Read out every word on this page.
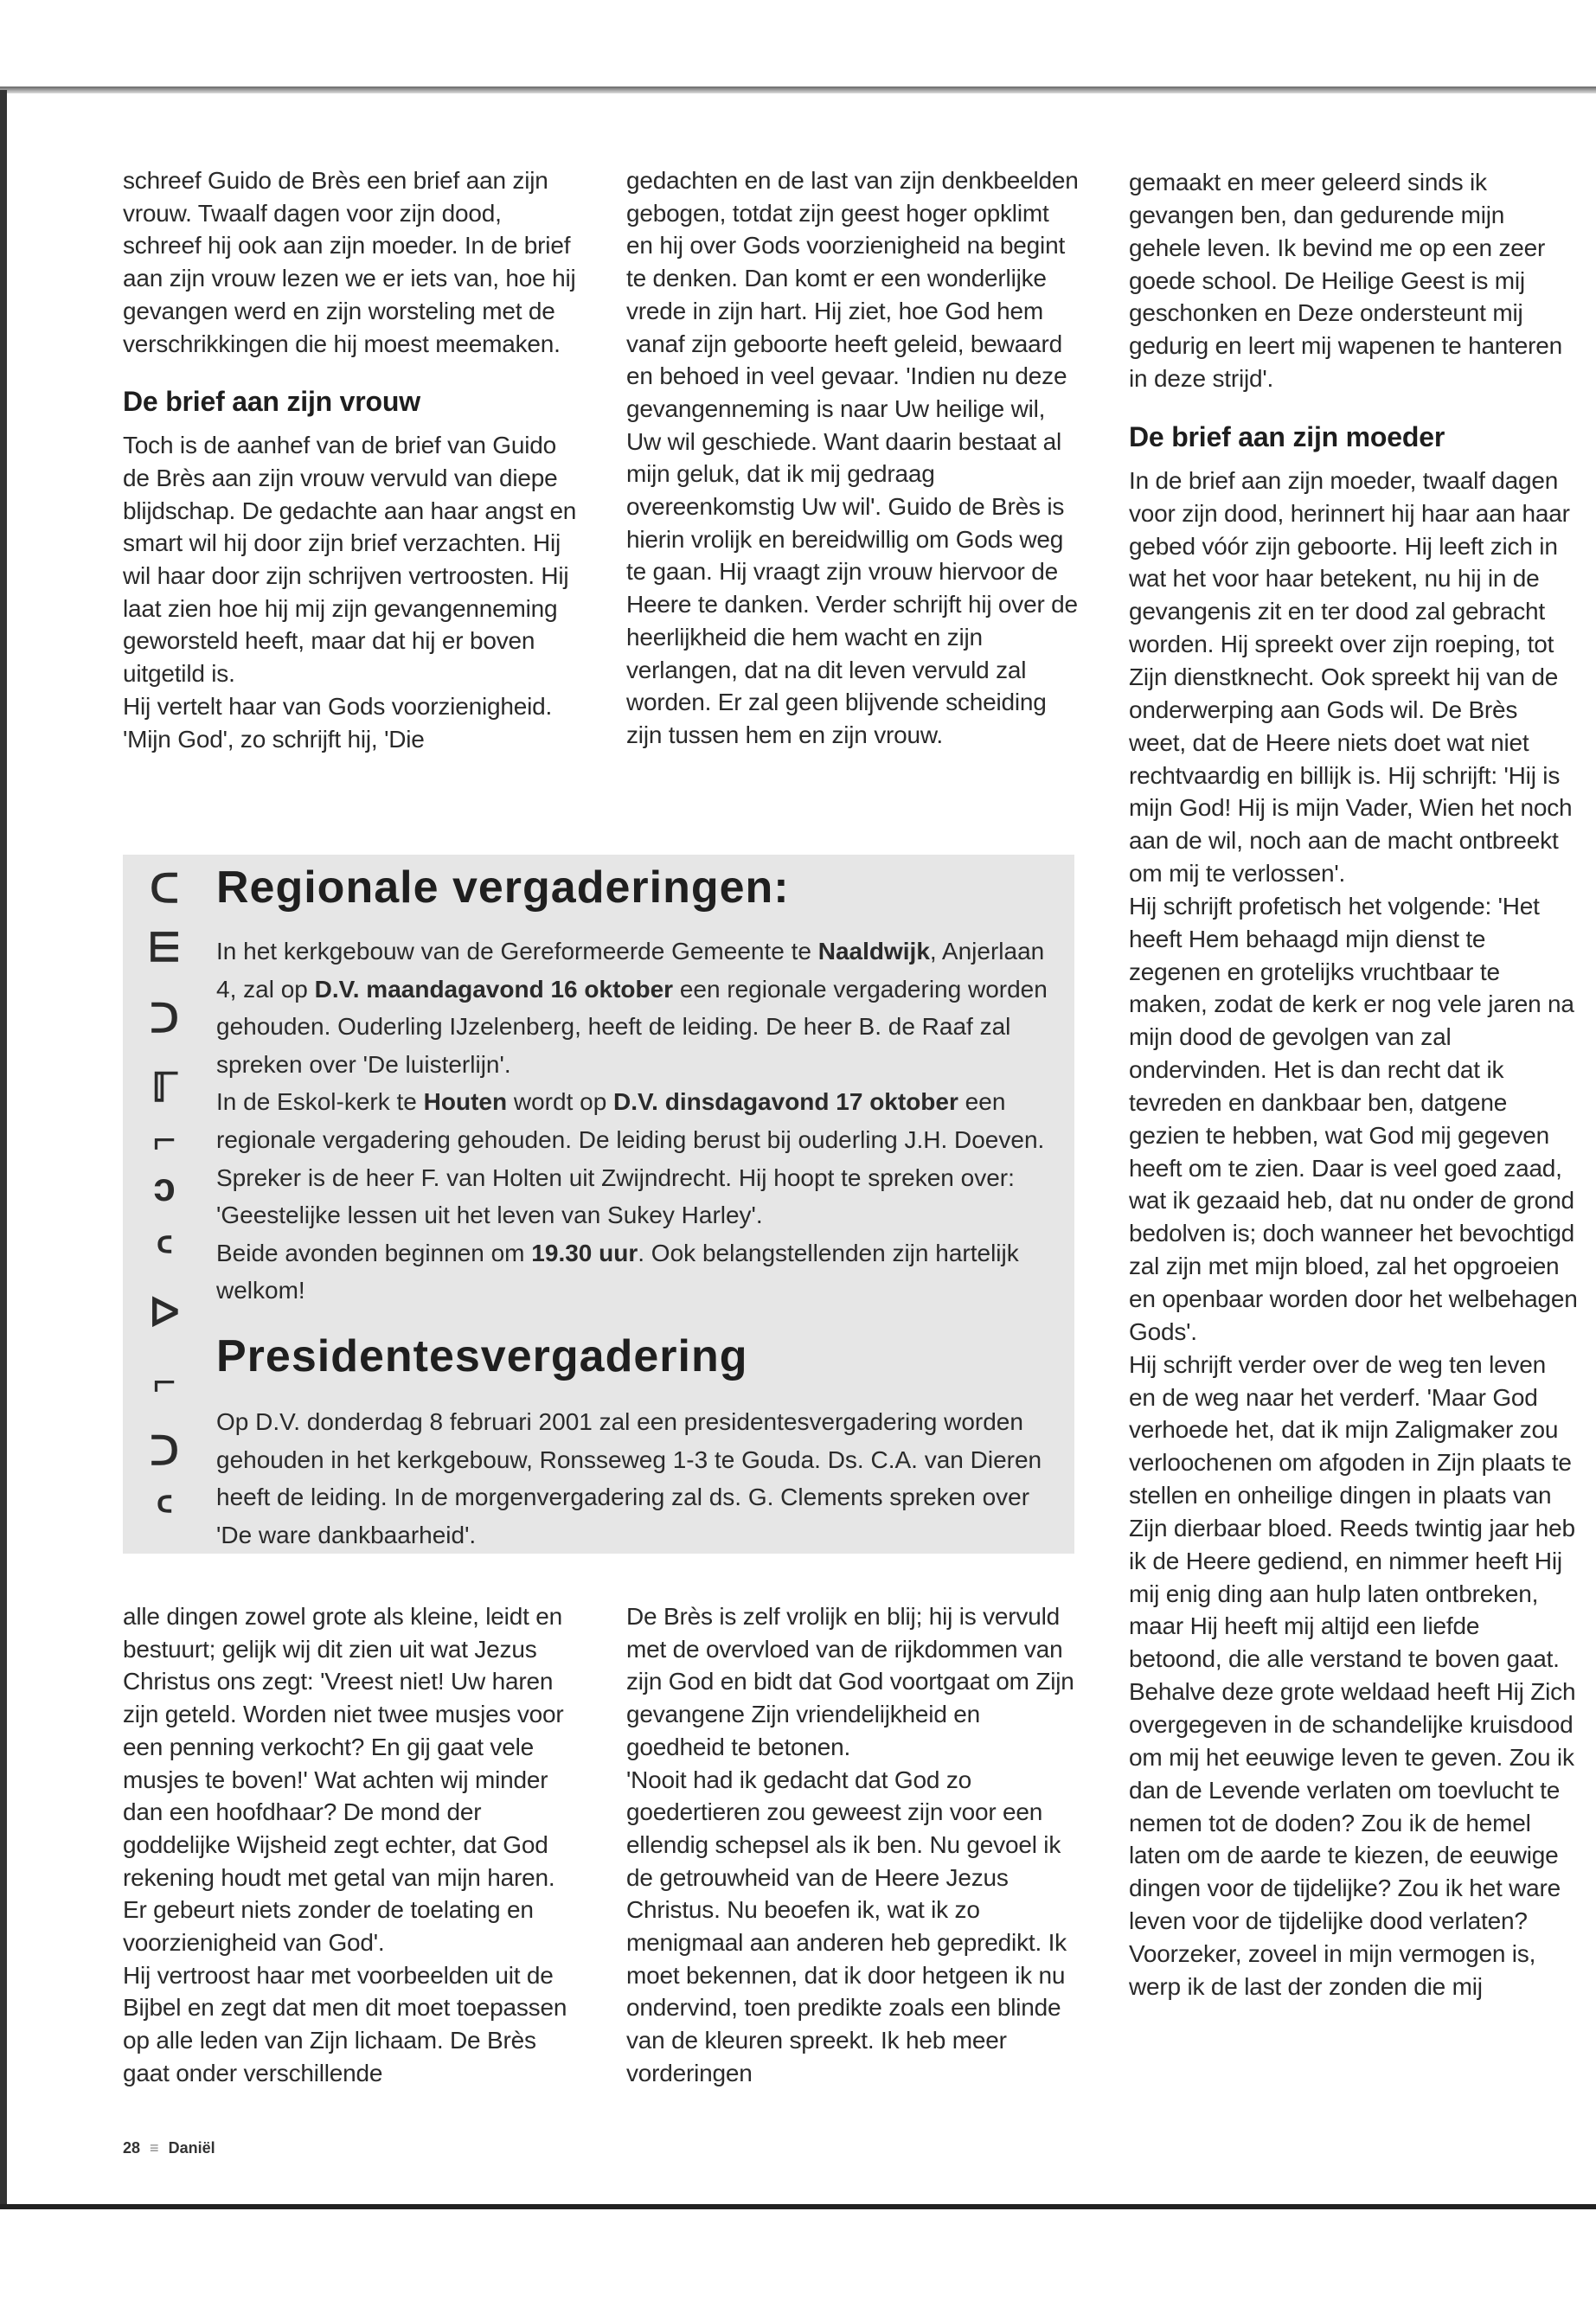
schreef Guido de Brès een brief aan zijn vrouw. Twaalf dagen voor zijn dood, schreef hij ook aan zijn moeder. In de brief aan zijn vrouw lezen we er iets van, hoe hij gevangen werd en zijn worsteling met de verschrikkingen die hij moest meemaken.

De brief aan zijn vrouw

Toch is de aanhef van de brief van Guido de Brès aan zijn vrouw vervuld van diepe blijdschap. De gedachte aan haar angst en smart wil hij door zijn brief verzachten. Hij wil haar door zijn schrijven vertroosten. Hij laat zien hoe hij mij zijn gevangenneming geworsteld heeft, maar dat hij er boven uitgetild is.

Hij vertelt haar van Gods voorzienigheid. 'Mijn God', zo schrijft hij, 'Die

gedachten en de last van zijn denkbeelden gebogen, totdat zijn geest hoger opklimt en hij over Gods voorzienigheid na begint te denken. Dan komt er een wonderlijke vrede in zijn hart. Hij ziet, hoe God hem vanaf zijn geboorte heeft geleid, bewaard en behoed in veel gevaar. 'Indien nu deze gevangenneming is naar Uw heilige wil, Uw wil geschiede. Want daarin bestaat al mijn geluk, dat ik mij gedraag overeenkomstig Uw wil'. Guido de Brès is hierin vrolijk en bereidwillig om Gods weg te gaan. Hij vraagt zijn vrouw hiervoor de Heere te danken. Verder schrijft hij over de heerlijkheid die hem wacht en zijn verlangen, dat na dit leven vervuld zal worden. Er zal geen blijvende scheiding zijn tussen hem en zijn vrouw.

gemaakt en meer geleerd sinds ik gevangen ben, dan gedurende mijn gehele leven. Ik bevind me op een zeer goede school. De Heilige Geest is mij geschonken en Deze ondersteunt mij gedurig en leert mij wapenen te hanteren in deze strijd'.

De brief aan zijn moeder

In de brief aan zijn moeder, twaalf dagen voor zijn dood, herinnert hij haar aan haar gebed vóór zijn geboorte. Hij leeft zich in wat het voor haar betekent, nu hij in de gevangenis zit en ter dood zal gebracht worden. Hij spreekt over zijn roeping, tot Zijn dienstknecht. Ook spreekt hij van de onderwerping aan Gods wil. De Brès weet, dat de Heere niets doet wat niet rechtvaardig en billijk is. Hij schrijft: 'Hij is mijn God! Hij is mijn Vader, Wien het noch aan de wil, noch aan de macht ontbreekt om mij te verlossen'.

Hij schrijft profetisch het volgende: 'Het heeft Hem behaagd mijn dienst te zegenen en grotelijks vruchtbaar te maken, zodat de kerk er nog vele jaren na mijn dood de gevolgen van zal ondervinden. Het is dan recht dat ik tevreden en dankbaar ben, datgene gezien te hebben, wat God mij gegeven heeft om te zien. Daar is veel goed zaad, wat ik gezaaid heb, dat nu onder de grond bedolven is; doch wanneer het bevochtigd zal zijn met mijn bloed, zal het opgroeien en openbaar worden door het welbehagen Gods'.

Hij schrijft verder over de weg ten leven en de weg naar het verderf. 'Maar God verhoede het, dat ik mijn Zaligmaker zou verloochenen om afgoden in Zijn plaats te stellen en onheilige dingen in plaats van Zijn dierbaar bloed. Reeds twintig jaar heb ik de Heere gediend, en nimmer heeft Hij mij enig ding aan hulp laten ontbreken, maar Hij heeft mij altijd een liefde betoond, die alle verstand te boven gaat. Behalve deze grote weldaad heeft Hij Zich overgegeven in de schandelijke kruisdood om mij het eeuwige leven te geven. Zou ik dan de Levende verlaten om toevlucht te nemen tot de doden? Zou ik de hemel laten om de aarde te kiezen, de eeuwige dingen voor de tijdelijke? Zou ik het ware leven voor de tijdelijke dood verlaten?

Voorzeker, zoveel in mijn vermogen is, werp ik de last der zonden die mij

ᑕ
⋿
ᑐ
ℾ
⌐
ↄ
ᑦ
ᐅ
⌐
ᑐ
ᑦ
Regionale vergaderingen:

In het kerkgebouw van de Gereformeerde Gemeente te Naaldwijk, Anjerlaan 4, zal op D.V. maandagavond 16 oktober een regionale vergadering worden gehouden. Ouderling IJzelenberg, heeft de leiding. De heer B. de Raaf zal spreken over 'De luisterlijn'.

In de Eskol-kerk te Houten wordt op D.V. dinsdagavond 17 oktober een regionale vergadering gehouden. De leiding berust bij ouderling J.H. Doeven. Spreker is de heer F. van Holten uit Zwijndrecht. Hij hoopt te spreken over: 'Geestelijke lessen uit het leven van Sukey Harley'.

Beide avonden beginnen om 19.30 uur. Ook belangstellenden zijn hartelijk welkom!

Presidentesvergadering

Op D.V. donderdag 8 februari 2001 zal een presidentesvergadering worden gehouden in het kerkgebouw, Ronsseweg 1-3 te Gouda. Ds. C.A. van Dieren heeft de leiding. In de morgenvergadering zal ds. G. Clements spreken over 'De ware dankbaarheid'.

alle dingen zowel grote als kleine, leidt en bestuurt; gelijk wij dit zien uit wat Jezus Christus ons zegt: 'Vreest niet! Uw haren zijn geteld. Worden niet twee musjes voor een penning verkocht? En gij gaat vele musjes te boven!' Wat achten wij minder dan een hoofdhaar? De mond der goddelijke Wijsheid zegt echter, dat God rekening houdt met getal van mijn haren. Er gebeurt niets zonder de toelating en voorzienigheid van God'.

Hij vertroost haar met voorbeelden uit de Bijbel en zegt dat men dit moet toepassen op alle leden van Zijn lichaam. De Brès gaat onder verschillende

De Brès is zelf vrolijk en blij; hij is vervuld met de overvloed van de rijkdommen van zijn God en bidt dat God voortgaat om Zijn gevangene Zijn vriendelijkheid en goedheid te betonen.

'Nooit had ik gedacht dat God zo goedertieren zou geweest zijn voor een ellendig schepsel als ik ben. Nu gevoel ik de getrouwheid van de Heere Jezus Christus. Nu beoefen ik, wat ik zo menigmaal aan anderen heb gepredikt. Ik moet bekennen, dat ik door hetgeen ik nu ondervind, toen predikte zoals een blinde van de kleuren spreekt. Ik heb meer vorderingen

28 ≡ Daniël
